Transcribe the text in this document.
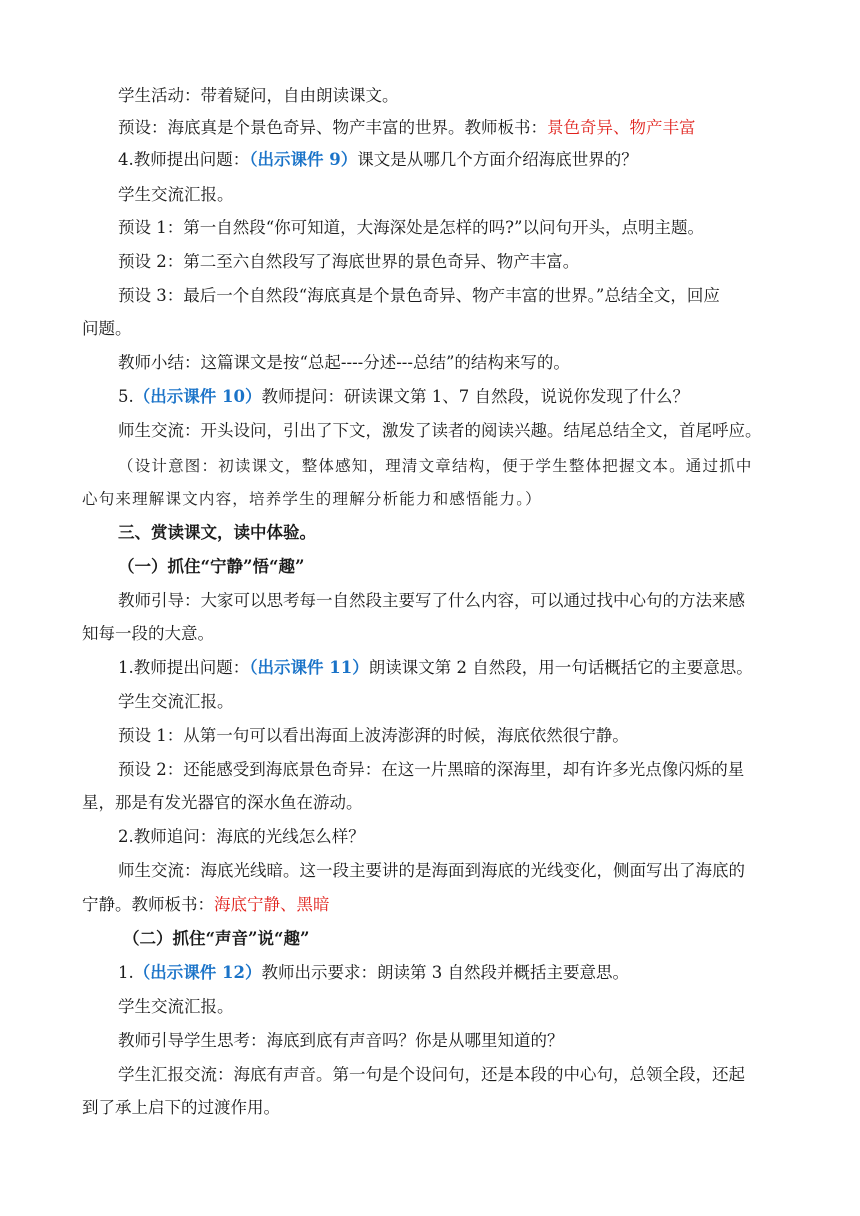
学生活动：带着疑问，自由朗读课文。
预设：海底真是个景色奇异、物产丰富的世界。教师板书：景色奇异、物产丰富
4.教师提出问题：（出示课件 9）课文是从哪几个方面介绍海底世界的？
学生交流汇报。
预设 1：第一自然段“你可知道，大海深处是怎样的吗?”以问句开头，点明主题。
预设 2：第二至六自然段写了海底世界的景色奇异、物产丰富。
预设 3：最后一个自然段“海底真是个景色奇异、物产丰富的世界。”总结全文，回应
问题。
教师小结：这篇课文是按“总起----分述---总结”的结构来写的。
5.（出示课件 10）教师提问：研读课文第 1、7 自然段，说说你发现了什么？
师生交流：开头设问，引出了下文，激发了读者的阅读兴趣。结尾总结全文，首尾呼应。
（设计意图：初读课文，整体感知，理清文章结构，便于学生整体把握文本。通过抓中
心句来理解课文内容，培养学生的理解分析能力和感悟能力。）
三、赏读课文，读中体验。
（一）抓住“宁静”悟“趣”
教师引导：大家可以思考每一自然段主要写了什么内容，可以通过找中心句的方法来感
知每一段的大意。
1.教师提出问题：（出示课件 11）朗读课文第 2 自然段，用一句话概括它的主要意思。
学生交流汇报。
预设 1：从第一句可以看出海面上波涛澎湃的时候，海底依然很宁静。
预设 2：还能感受到海底景色奇异：在这一片黑暗的深海里，却有许多光点像闪烁的星
星，那是有发光器官的深水鱼在游动。
2.教师追问：海底的光线怎么样？
师生交流：海底光线暗。这一段主要讲的是海面到海底的光线变化，侧面写出了海底的
宁静。教师板书：海底宁静、黑暗
（二）抓住“声音”说“趣”
1.（出示课件 12）教师出示要求：朗读第 3 自然段并概括主要意思。
学生交流汇报。
教师引导学生思考：海底到底有声音吗？你是从哪里知道的？
学生汇报交流：海底有声音。第一句是个设问句，还是本段的中心句，总领全段，还起
到了承上启下的过渡作用。
